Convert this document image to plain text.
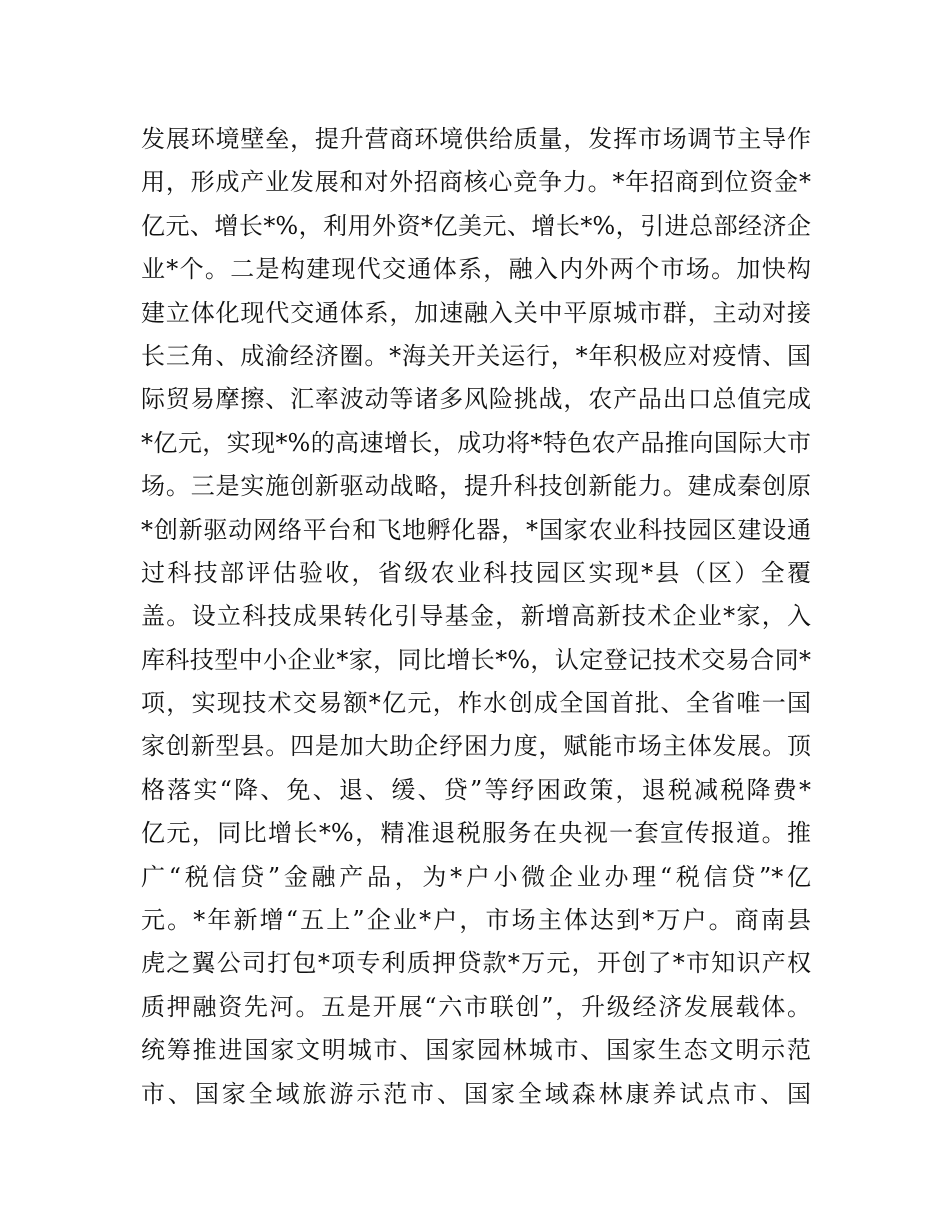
发展环境壁垒，提升营商环境供给质量，发挥市场调节主导作
用，形成产业发展和对外招商核心竞争力。*年招商到位资金*
亿元、增长*%，利用外资*亿美元、增长*%，引进总部经济企
业*个。二是构建现代交通体系，融入内外两个市场。加快构
建立体化现代交通体系，加速融入关中平原城市群，主动对接
长三角、成渝经济圈。*海关开关运行，*年积极应对疫情、国
际贸易摩擦、汇率波动等诸多风险挑战，农产品出口总值完成
*亿元，实现*%的高速增长，成功将*特色农产品推向国际大市
场。三是实施创新驱动战略，提升科技创新能力。建成秦创原
*创新驱动网络平台和飞地孵化器，*国家农业科技园区建设通
过科技部评估验收，省级农业科技园区实现*县（区）全覆
盖。设立科技成果转化引导基金，新增高新技术企业*家，入
库科技型中小企业*家，同比增长*%，认定登记技术交易合同*
项，实现技术交易额*亿元，柞水创成全国首批、全省唯一国
家创新型县。四是加大助企纾困力度，赋能市场主体发展。顶
格落实“降、免、退、缓、贷”等纾困政策，退税减税降费*
亿元，同比增长*%，精准退税服务在央视一套宣传报道。推
广“税信贷”金融产品，为*户小微企业办理“税信贷”*亿
元。*年新增“五上”企业*户，市场主体达到*万户。商南县
虎之翼公司打包*项专利质押贷款*万元，开创了*市知识产权
质押融资先河。五是开展“六市联创”，升级经济发展载体。
统筹推进国家文明城市、国家园林城市、国家生态文明示范
市、国家全域旅游示范市、国家全域森林康养试点市、国
